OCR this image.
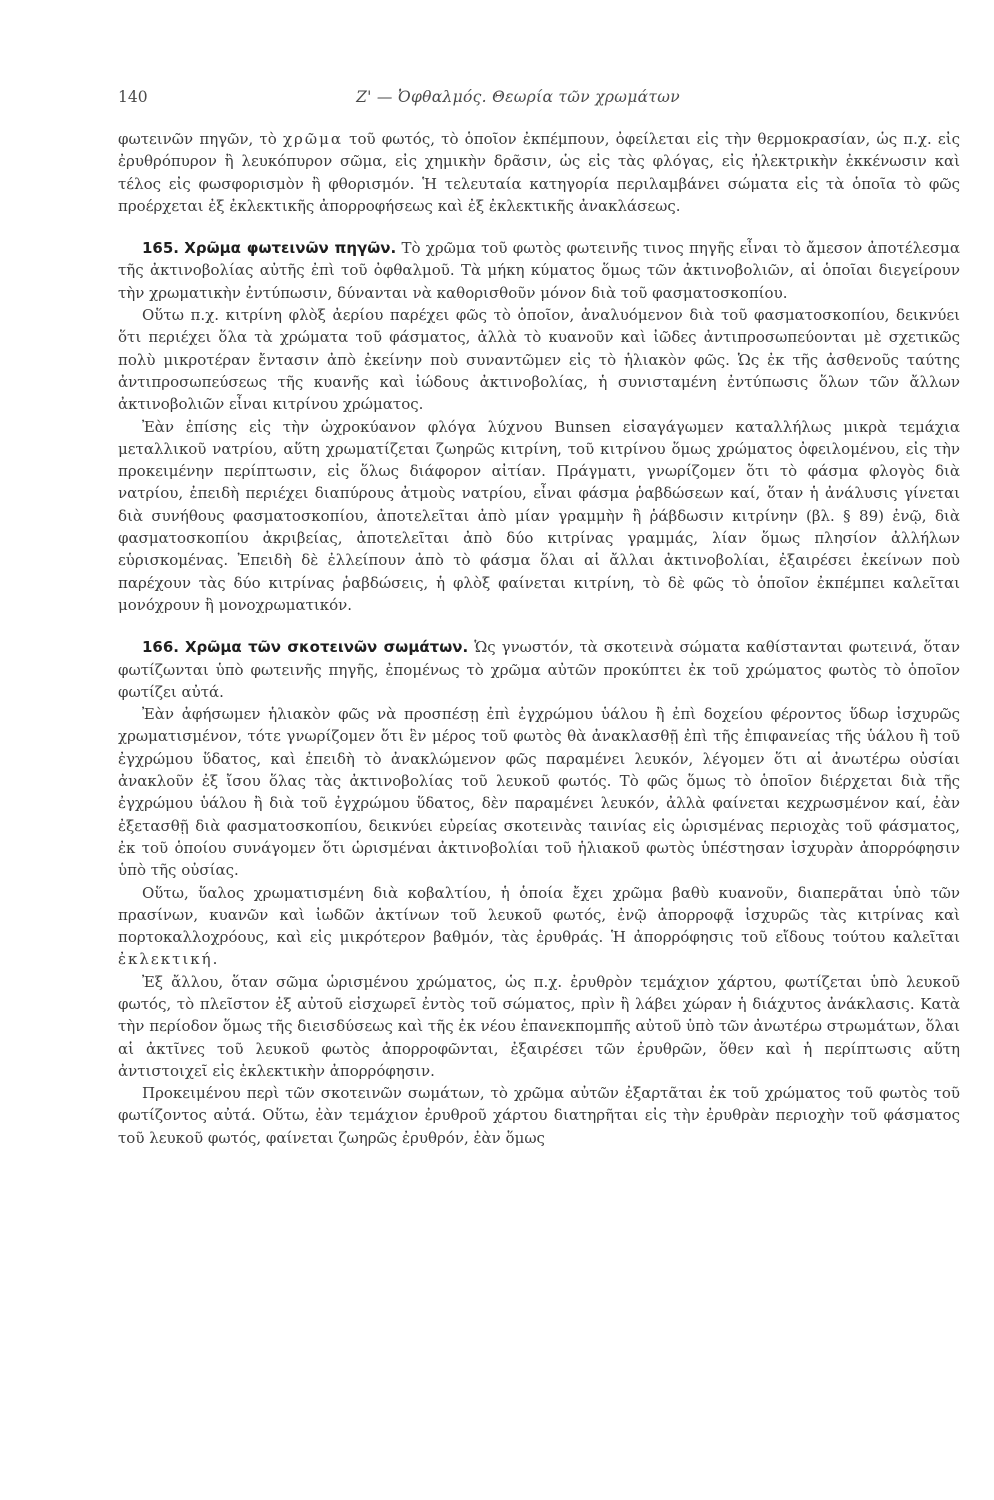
140	Ζ' — Ὀφθαλμός. Θεωρία τῶν χρωμάτων

φωτεινῶν πηγῶν, τὸ χρῶμα τοῦ φωτός, τὸ ὁποῖον ἐκπέμπουν, ὀφείλεται εἰς τὴν θερμοκρασίαν, ὡς π.χ. εἰς ἐρυθρόπυρον ἢ λευκόπυρον σῶμα, εἰς χημικὴν δρᾶσιν, ὡς εἰς τὰς φλόγας, εἰς ἠλεκτρικὴν ἐκκένωσιν καὶ τέλος εἰς φωσφορισμὸν ἢ φθορισμόν. Ἡ τελευταία κατηγορία περιλαμβάνει σώματα εἰς τὰ ὁποῖα τὸ φῶς προέρχεται ἐξ ἐκλεκτικῆς ἀπορροφήσεως καὶ ἐξ ἐκλεκτικῆς ἀνακλάσεως.

165. Χρῶμα φωτεινῶν πηγῶν. Τὸ χρῶμα τοῦ φωτὸς φωτεινῆς τινος πηγῆς εἶναι τὸ ἄμεσον ἀποτέλεσμα τῆς ἀκτινοβολίας αὐτῆς ἐπὶ τοῦ ὀφθαλμοῦ. Τὰ μήκη κύματος ὅμως τῶν ἀκτινοβολιῶν, αἱ ὁποῖαι διεγείρουν τὴν χρωματικὴν ἐντύπωσιν, δύνανται νὰ καθορισθοῦν μόνον διὰ τοῦ φασματοσκοπίου.

Οὕτω π.χ. κιτρίνη φλὸξ ἀερίου παρέχει φῶς τὸ ὁποῖον, ἀναλυόμενον διὰ τοῦ φασματοσκοπίου, δεικνύει ὅτι περιέχει ὅλα τὰ χρώματα τοῦ φάσματος, ἀλλὰ τὸ κυανοῦν καὶ ἰῶδες ἀντιπροσωπεύονται μὲ σχετικῶς πολὺ μικροτέραν ἔντασιν ἀπὸ ἐκείνην ποὺ συναντῶμεν εἰς τὸ ἡλιακὸν φῶς. Ὡς ἐκ τῆς ἀσθενοῦς ταύτης ἀντιπροσωπεύσεως τῆς κυανῆς καὶ ἰώδους ἀκτινοβολίας, ἡ συνισταμένη ἐντύπωσις ὅλων τῶν ἄλλων ἀκτινοβολιῶν εἶναι κιτρίνου χρώματος.

Ἐὰν ἐπίσης εἰς τὴν ὠχροκύανον φλόγα λύχνου Bunsen εἰσαγάγωμεν καταλλήλως μικρὰ τεμάχια μεταλλικοῦ νατρίου, αὕτη χρωματίζεται ζωηρῶς κιτρίνη, τοῦ κιτρίνου ὅμως χρώματος ὀφειλομένου, εἰς τὴν προκειμένην περίπτωσιν, εἰς ὅλως διάφορον αἰτίαν. Πράγματι, γνωρίζομεν ὅτι τὸ φάσμα φλογὸς διὰ νατρίου, ἐπειδὴ περιέχει διαπύρους ἀτμοὺς νατρίου, εἶναι φάσμα ῥαβδώσεων καί, ὅταν ἡ ἀνάλυσις γίνεται διὰ συνήθους φασματοσκοπίου, ἀποτελεῖται ἀπὸ μίαν γραμμὴν ἢ ῥάβδωσιν κιτρίνην (βλ. § 89) ἐνῷ, διὰ φασματοσκοπίου ἀκριβείας, ἀποτελεῖται ἀπὸ δύο κιτρίνας γραμμάς, λίαν ὅμως πλησίον ἀλλήλων εὑρισκομένας. Ἐπειδὴ δὲ ἐλλείπουν ἀπὸ τὸ φάσμα ὅλαι αἱ ἄλλαι ἀκτινοβολίαι, ἐξαιρέσει ἐκείνων ποὺ παρέχουν τὰς δύο κιτρίνας ῥαβδώσεις, ἡ φλὸξ φαίνεται κιτρίνη, τὸ δὲ φῶς τὸ ὁποῖον ἐκπέμπει καλεῖται μονόχρουν ἢ μονοχρωματικόν.

166. Χρῶμα τῶν σκοτεινῶν σωμάτων. Ὡς γνωστόν, τὰ σκοτεινὰ σώματα καθίστανται φωτεινά, ὅταν φωτίζωνται ὑπὸ φωτεινῆς πηγῆς, ἐπομένως τὸ χρῶμα αὐτῶν προκύπτει ἐκ τοῦ χρώματος φωτὸς τὸ ὁποῖον φωτίζει αὐτά.

Ἐὰν ἀφήσωμεν ἡλιακὸν φῶς νὰ προσπέσῃ ἐπὶ ἐγχρώμου ὑάλου ἢ ἐπὶ δοχείου φέροντος ὕδωρ ἰσχυρῶς χρωματισμένον, τότε γνωρίζομεν ὅτι ἓν μέρος τοῦ φωτὸς θὰ ἀνακλασθῇ ἐπὶ τῆς ἐπιφανείας τῆς ὑάλου ἢ τοῦ ἐγχρώμου ὕδατος, καὶ ἐπειδὴ τὸ ἀνακλώμενον φῶς παραμένει λευκόν, λέγομεν ὅτι αἱ ἀνωτέρω οὐσίαι ἀνακλοῦν ἐξ ἴσου ὅλας τὰς ἀκτινοβολίας τοῦ λευκοῦ φωτός. Τὸ φῶς ὅμως τὸ ὁποῖον διέρχεται διὰ τῆς ἐγχρώμου ὑάλου ἢ διὰ τοῦ ἐγχρώμου ὕδατος, δὲν παραμένει λευκόν, ἀλλὰ φαίνεται κεχρωσμένον καί, ἐὰν ἐξετασθῇ διὰ φασματοσκοπίου, δεικνύει εὐρείας σκοτεινὰς ταινίας εἰς ὡρισμένας περιοχὰς τοῦ φάσματος, ἐκ τοῦ ὁποίου συνάγομεν ὅτι ὡρισμέναι ἀκτινοβολίαι τοῦ ἡλιακοῦ φωτὸς ὑπέστησαν ἰσχυρὰν ἀπορρόφησιν ὑπὸ τῆς οὐσίας.

Οὕτω, ὕαλος χρωματισμένη διὰ κοβαλτίου, ἡ ὁποία ἔχει χρῶμα βαθὺ κυανοῦν, διαπερᾶται ὑπὸ τῶν πρασίνων, κυανῶν καὶ ἰωδῶν ἀκτίνων τοῦ λευκοῦ φωτός, ἐνῷ ἀπορροφᾷ ἰσχυρῶς τὰς κιτρίνας καὶ πορτοκαλλοχρόους, καὶ εἰς μικρότερον βαθμόν, τὰς ἐρυθράς. Ἡ ἀπορρόφησις τοῦ εἴδους τούτου καλεῖται ἐκλεκτική.

Ἐξ ἄλλου, ὅταν σῶμα ὡρισμένου χρώματος, ὡς π.χ. ἐρυθρὸν τεμάχιον χάρτου, φωτίζεται ὑπὸ λευκοῦ φωτός, τὸ πλεῖστον ἐξ αὐτοῦ εἰσχωρεῖ ἐντὸς τοῦ σώματος, πρὶν ἢ λάβει χώραν ἡ διάχυτος ἀνάκλασις. Κατὰ τὴν περίοδον ὅμως τῆς διεισδύσεως καὶ τῆς ἐκ νέου ἐπανεκπομπῆς αὐτοῦ ὑπὸ τῶν ἀνωτέρω στρωμάτων, ὅλαι αἱ ἀκτῖνες τοῦ λευκοῦ φωτὸς ἀπορροφῶνται, ἐξαιρέσει τῶν ἐρυθρῶν, ὅθεν καὶ ἡ περίπτωσις αὕτη ἀντιστοιχεῖ εἰς ἐκλεκτικὴν ἀπορρόφησιν.

Προκειμένου περὶ τῶν σκοτεινῶν σωμάτων, τὸ χρῶμα αὐτῶν ἐξαρτᾶται ἐκ τοῦ χρώματος τοῦ φωτὸς τοῦ φωτίζοντος αὐτά. Οὕτω, ἐὰν τεμάχιον ἐρυθροῦ χάρτου διατηρῆται εἰς τὴν ἐρυθρὰν περιοχὴν τοῦ φάσματος τοῦ λευκοῦ φωτός, φαίνεται ζωηρῶς ἐρυθρόν, ἐὰν ὅμως
